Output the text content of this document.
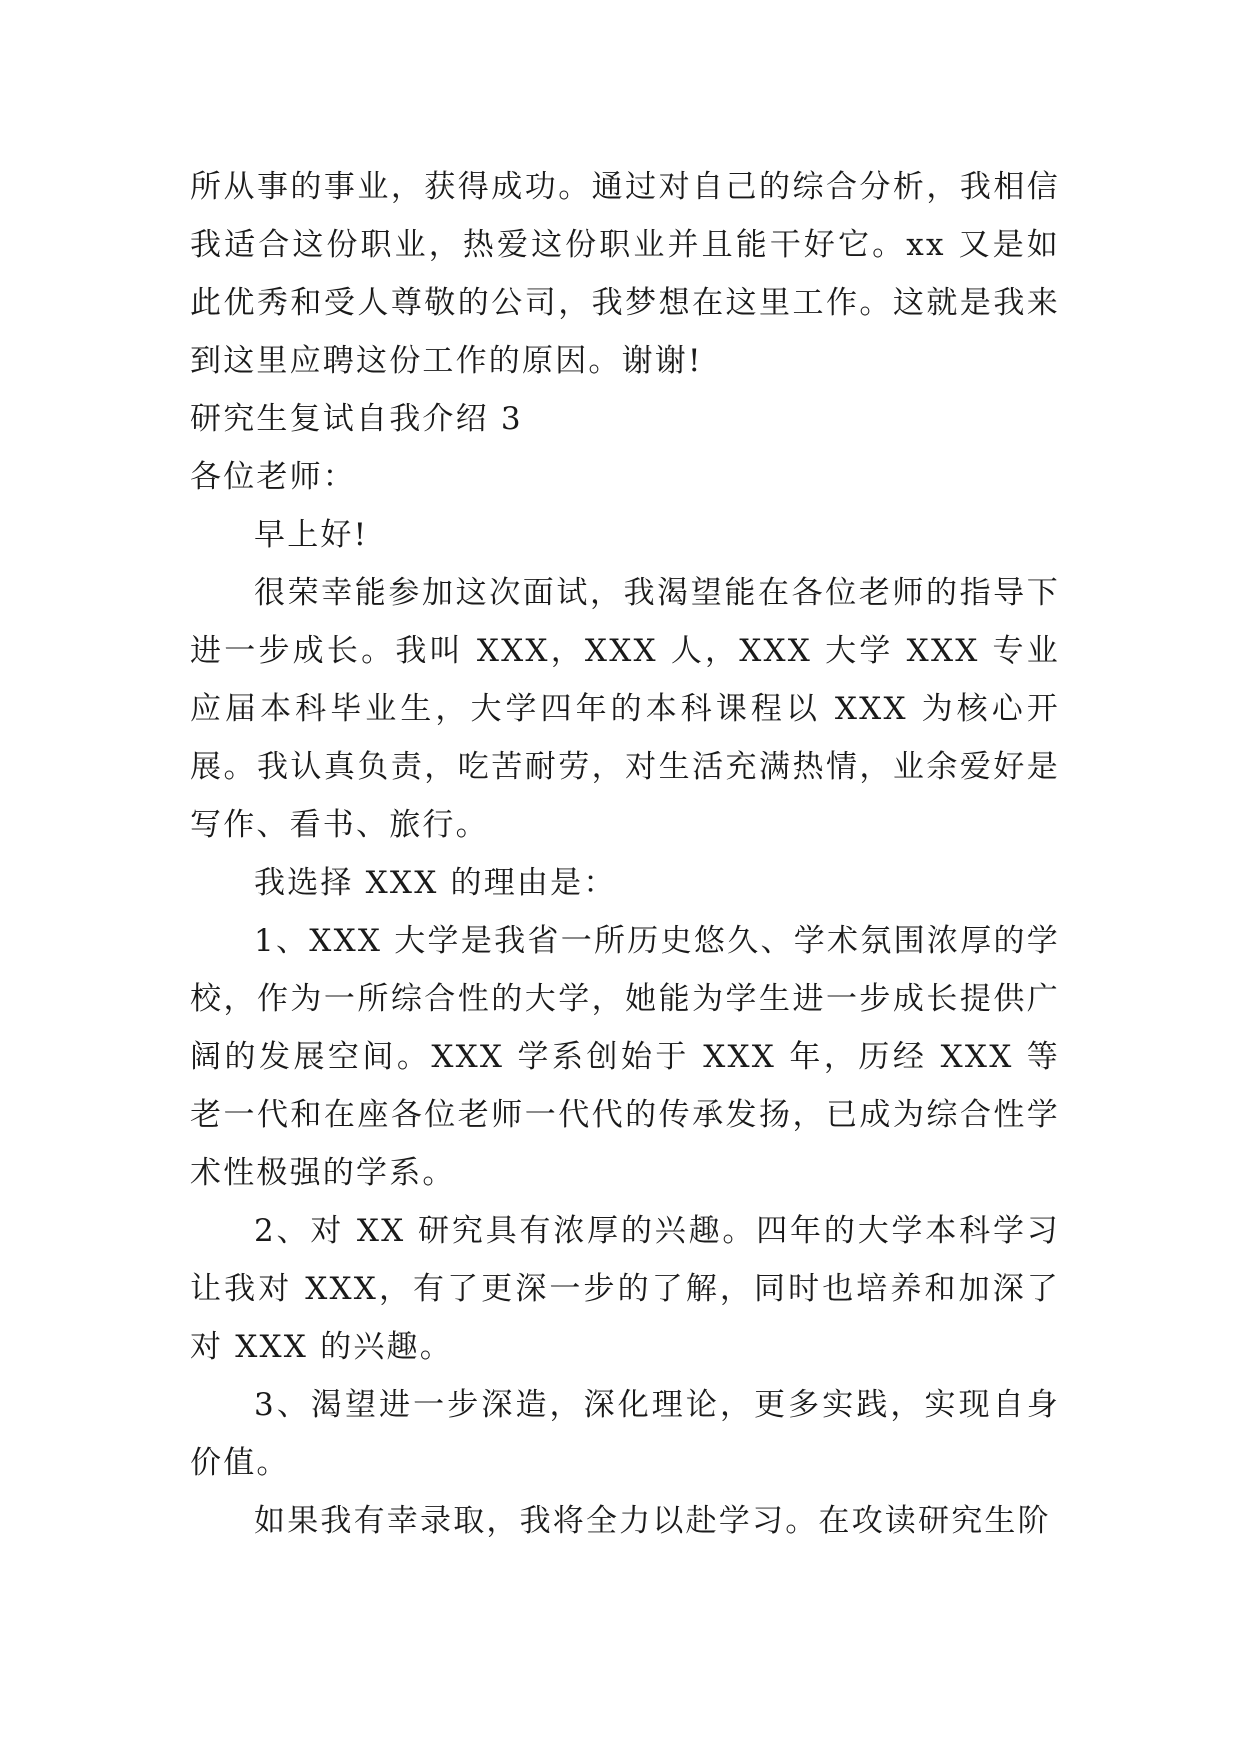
所从事的事业，获得成功。通过对自己的综合分析，我相信我适合这份职业，热爱这份职业并且能干好它。xx 又是如此优秀和受人尊敬的公司，我梦想在这里工作。这就是我来到这里应聘这份工作的原因。谢谢!

研究生复试自我介绍 3

各位老师：

早上好!

很荣幸能参加这次面试，我渴望能在各位老师的指导下进一步成长。我叫 XXX，XXX 人，XXX 大学 XXX 专业应届本科毕业生，大学四年的本科课程以 XXX 为核心开展。我认真负责，吃苦耐劳，对生活充满热情，业余爱好是写作、看书、旅行。

我选择 XXX 的理由是：

1、XXX 大学是我省一所历史悠久、学术氛围浓厚的学校，作为一所综合性的大学，她能为学生进一步成长提供广阔的发展空间。XXX 学系创始于 XXX 年，历经 XXX 等老一代和在座各位老师一代代的传承发扬，已成为综合性学术性极强的学系。

2、对 XX 研究具有浓厚的兴趣。四年的大学本科学习让我对 XXX，有了更深一步的了解，同时也培养和加深了对 XXX 的兴趣。

3、渴望进一步深造，深化理论，更多实践，实现自身价值。

如果我有幸录取，我将全力以赴学习。在攻读研究生阶
